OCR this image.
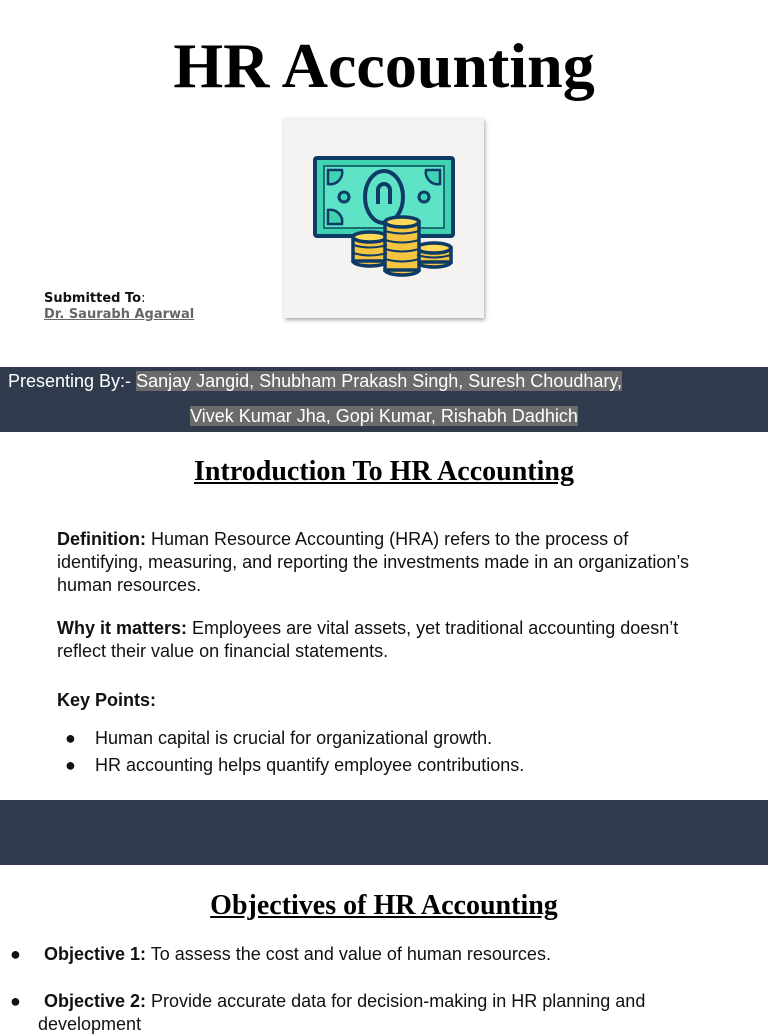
HR Accounting
Submitted To:
Dr. Saurabh Agarwal
Presenting By:- Sanjay Jangid, Shubham Prakash Singh, Suresh Choudhary,
Vivek Kumar Jha, Gopi Kumar, Rishabh Dadhich
Introduction To HR Accounting
Definition: Human Resource Accounting (HRA) refers to the process of identifying, measuring, and reporting the investments made in an organization’s human resources.
Why it matters: Employees are vital assets, yet traditional accounting doesn’t reflect their value on financial statements.
Key Points:
● Human capital is crucial for organizational growth.
● HR accounting helps quantify employee contributions.
Objectives of HR Accounting
● Objective 1: To assess the cost and value of human resources.
● Objective 2: Provide accurate data for decision-making in HR planning and
development
